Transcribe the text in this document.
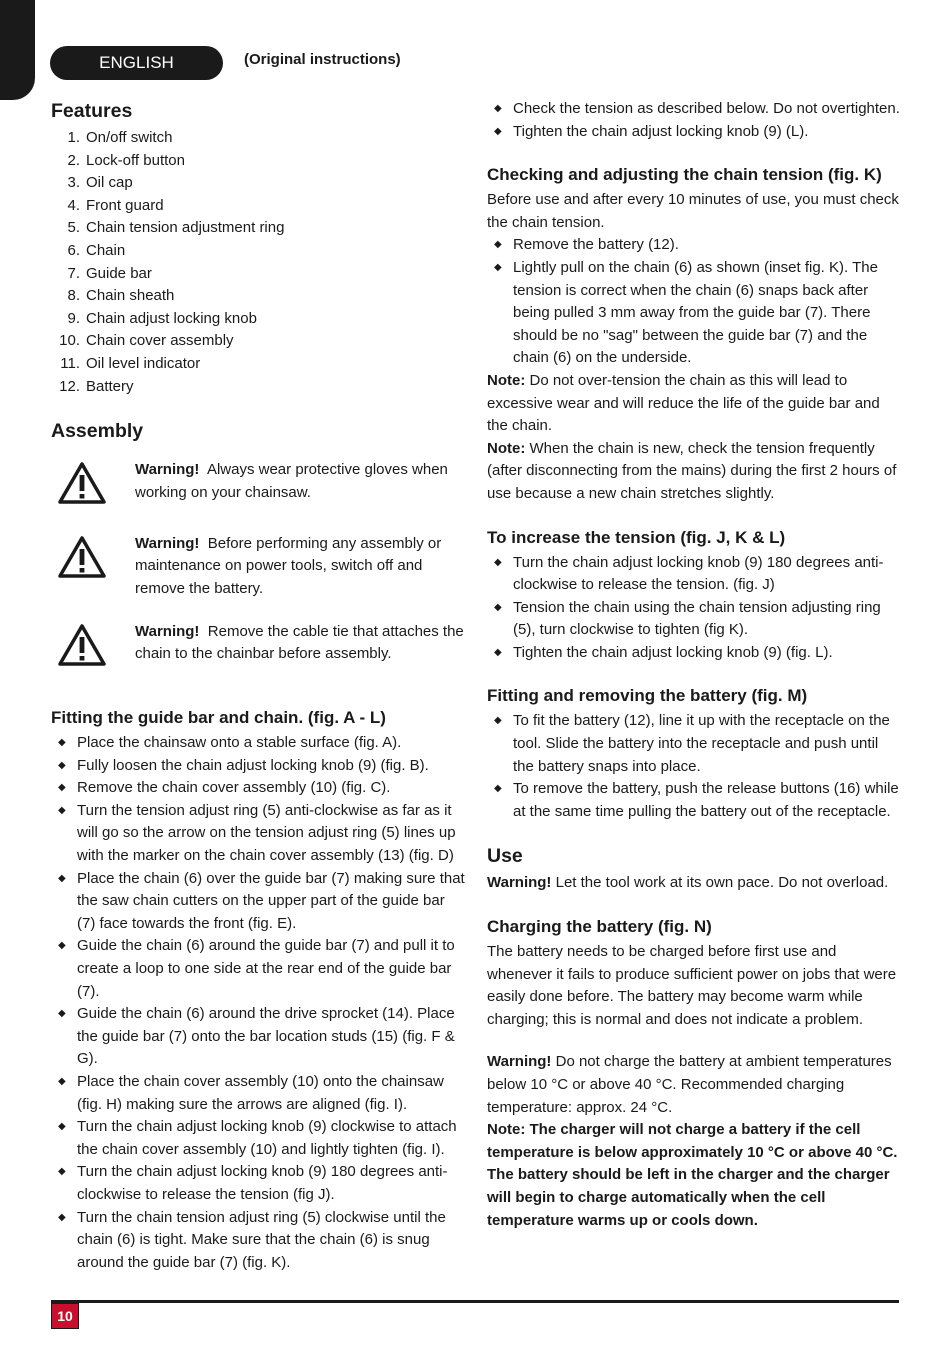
ENGLISH	(Original instructions)
Features
1. On/off switch
2. Lock-off button
3. Oil cap
4. Front guard
5. Chain tension adjustment ring
6. Chain
7. Guide bar
8. Chain sheath
9. Chain adjust locking knob
10. Chain cover assembly
11. Oil level indicator
12. Battery
Assembly
Warning! Always wear protective gloves when working on your chainsaw.
Warning! Before performing any assembly or maintenance on power tools, switch off and remove the battery.
Warning! Remove the cable tie that attaches the chain to the chainbar before assembly.
Fitting the guide bar and chain. (fig. A - L)
◆ Place the chainsaw onto a stable surface (fig. A).
◆ Fully loosen the chain adjust locking knob (9) (fig. B).
◆ Remove the chain cover assembly (10) (fig. C).
◆ Turn the tension adjust ring (5) anti-clockwise as far as it will go so the arrow on the tension adjust ring (5) lines up with the marker on the chain cover assembly (13) (fig. D)
◆ Place the chain (6) over the guide bar (7) making sure that the saw chain cutters on the upper part of the guide bar (7) face towards the front (fig. E).
◆ Guide the chain (6) around the guide bar (7) and pull it to create a loop to one side at the rear end of the guide bar (7).
◆ Guide the chain (6) around the drive sprocket (14). Place the guide bar (7) onto the bar location studs (15) (fig. F & G).
◆ Place the chain cover assembly (10) onto the chainsaw (fig. H) making sure the arrows are aligned (fig. I).
◆ Turn the chain adjust locking knob (9) clockwise to attach the chain cover assembly (10) and lightly tighten (fig. I).
◆ Turn the chain adjust locking knob (9) 180 degrees anti-clockwise to release the tension (fig J).
◆ Turn the chain tension adjust ring (5) clockwise until the chain (6) is tight. Make sure that the chain (6) is snug around the guide bar (7) (fig. K).
◆ Check the tension as described below. Do not overtighten.
◆ Tighten the chain adjust locking knob (9) (L).
Checking and adjusting the chain tension (fig. K)

Before use and after every 10 minutes of use, you must check the chain tension.

◆ Remove the battery (12).
◆ Lightly pull on the chain (6) as shown (inset fig. K). The tension is correct when the chain (6) snaps back after being pulled 3 mm away from the guide bar (7). There should be no "sag" between the guide bar (7) and the chain (6) on the underside.

Note: Do not over-tension the chain as this will lead to excessive wear and will reduce the life of the guide bar and the chain.

Note: When the chain is new, check the tension frequently (after disconnecting from the mains) during the first 2 hours of use because a new chain stretches slightly.

To increase the tension (fig. J, K & L)
◆ Turn the chain adjust locking knob (9) 180 degrees anti-clockwise to release the tension. (fig. J)
◆ Tension the chain using the chain tension adjusting ring (5), turn clockwise to tighten (fig K).
◆ Tighten the chain adjust locking knob (9) (fig. L).
Fitting and removing the battery (fig. M)
◆ To fit the battery (12), line it up with the receptacle on the tool. Slide the battery into the receptacle and push until the battery snaps into place.
◆ To remove the battery, push the release buttons (16) while at the same time pulling the battery out of the receptacle.
Use

Warning! Let the tool work at its own pace. Do not overload.

Charging the battery (fig. N)

The battery needs to be charged before first use and whenever it fails to produce sufficient power on jobs that were easily done before. The battery may become warm while charging; this is normal and does not indicate a problem.

Warning! Do not charge the battery at ambient temperatures below 10 °C or above 40 °C. Recommended charging temperature: approx. 24 °C.

Note: The charger will not charge a battery if the cell temperature is below approximately 10 °C or above 40 °C. The battery should be left in the charger and the charger will begin to charge automatically when the cell temperature warms up or cools down.

10
